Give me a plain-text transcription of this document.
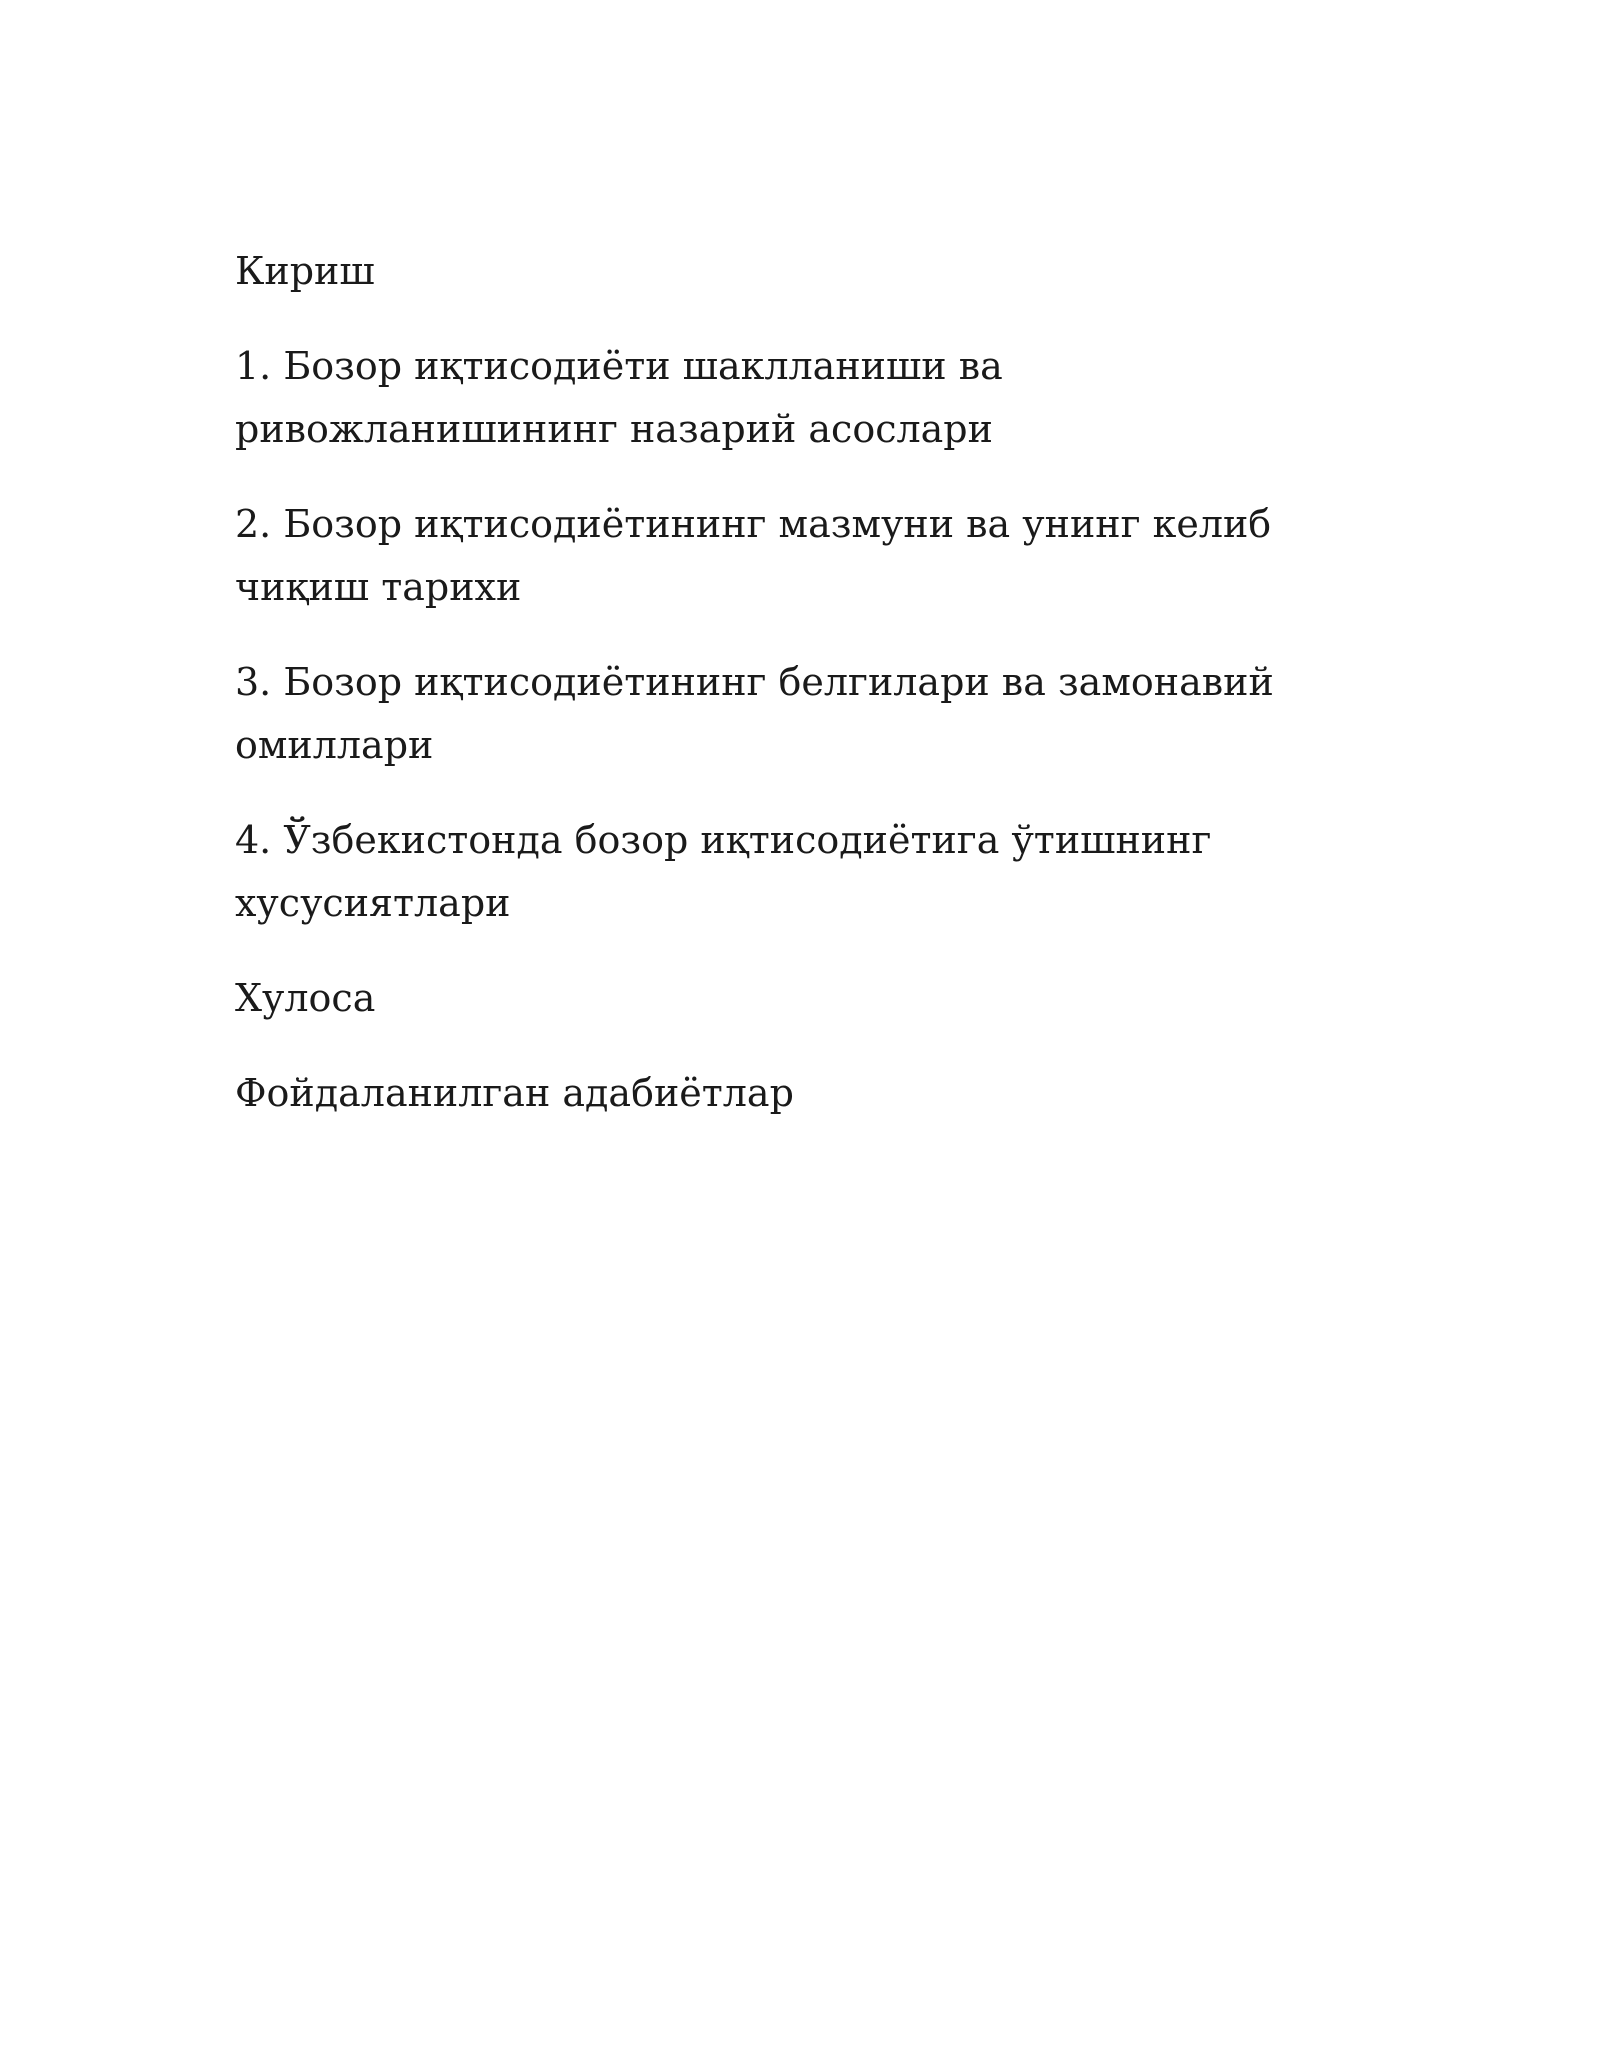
Кириш
1. Бозор иқтисодиёти шаклланиши ва ривожланишининг назарий асослари
2. Бозор иқтисодиётининг мазмуни ва унинг келиб чиқиш тарихи
3. Бозор иқтисодиётининг белгилари ва замонавий омиллари
4. Ўзбекистонда бозор иқтисодиётига ўтишнинг хусусиятлари
Хулоса
Фойдаланилган адабиётлар
